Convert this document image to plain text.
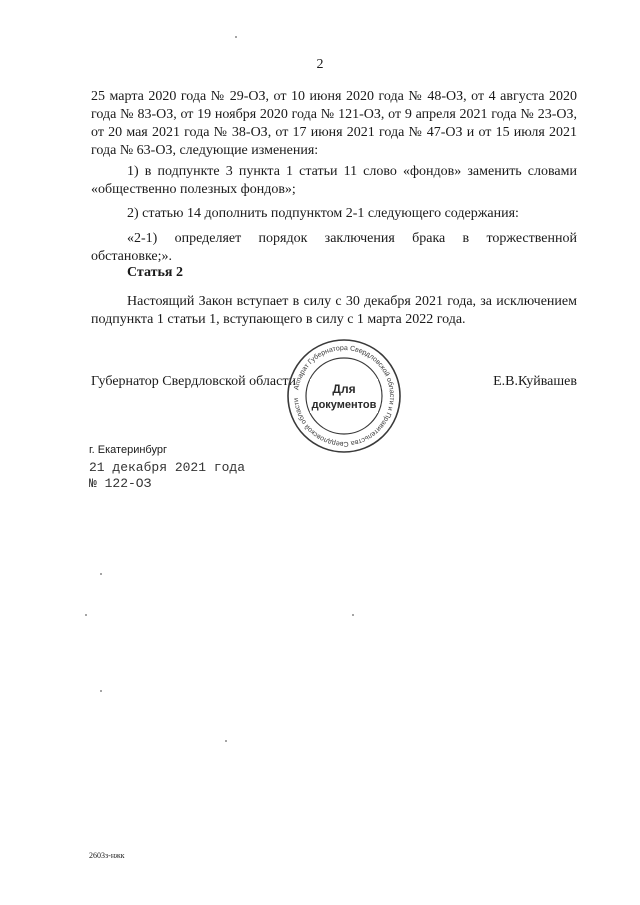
2

25 марта 2020 года № 29-ОЗ, от 10 июня 2020 года № 48-ОЗ, от 4 августа 2020 года № 83-ОЗ, от 19 ноября 2020 года № 121-ОЗ, от 9 апреля 2021 года № 23-ОЗ, от 20 мая 2021 года № 38-ОЗ, от 17 июня 2021 года № 47-ОЗ и от 15 июля 2021 года № 63-ОЗ, следующие изменения:

1) в подпункте 3 пункта 1 статьи 11 слово «фондов» заменить словами «общественно полезных фондов»;

2) статью 14 дополнить подпунктом 2-1 следующего содержания:

«2-1) определяет порядок заключения брака в торжественной обстановке;».

Статья 2

Настоящий Закон вступает в силу с 30 декабря 2021 года, за исключением подпункта 1 статьи 1, вступающего в силу с 1 марта 2022 года.

Губернатор Свердловской области	Е.В.Куйвашев
Аппарат Губернатора Свердловской области и Правительства Свердловской области
Для
документов
г. Екатеринбург
21 декабря 2021 года
№ 122-ОЗ
2603з-нжк
